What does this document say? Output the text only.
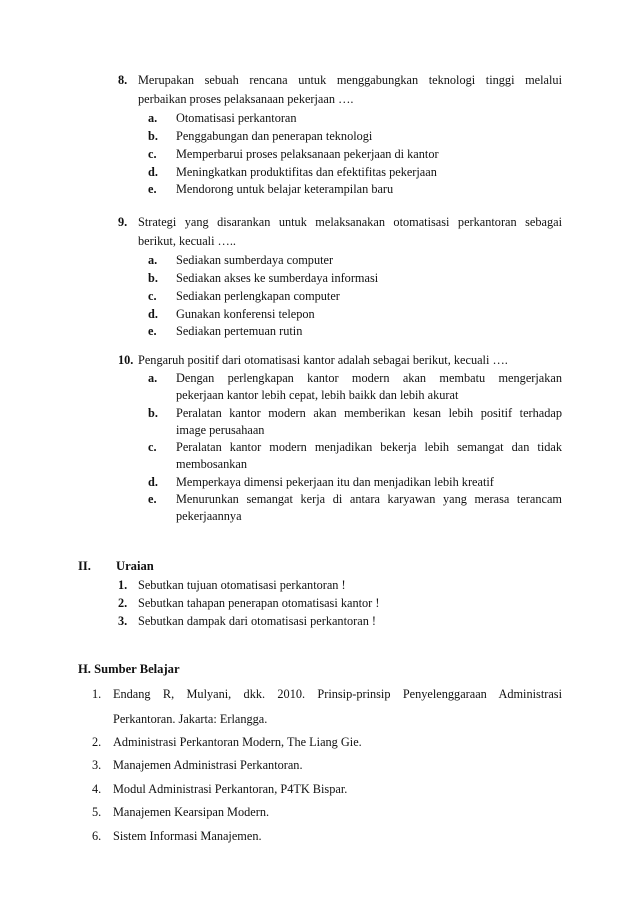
8. Merupakan sebuah rencana untuk menggabungkan teknologi tinggi melalui
perbaikan proses pelaksanaan pekerjaan ….
a. Otomatisasi perkantoran
b. Penggabungan dan penerapan teknologi
c. Memperbarui proses pelaksanaan pekerjaan di kantor
d. Meningkatkan produktifitas dan efektifitas pekerjaan
e. Mendorong untuk belajar keterampilan baru
9. Strategi yang disarankan untuk melaksanakan otomatisasi perkantoran sebagai
berikut, kecuali …..
a. Sediakan sumberdaya computer
b. Sediakan akses ke sumberdaya informasi
c. Sediakan perlengkapan computer
d. Gunakan konferensi telepon
e. Sediakan pertemuan rutin
10. Pengaruh positif dari otomatisasi kantor adalah sebagai berikut, kecuali ….
a. Dengan perlengkapan kantor modern akan membatu mengerjakan
pekerjaan kantor lebih cepat, lebih baikk dan lebih akurat
b. Peralatan kantor modern akan memberikan kesan lebih positif terhadap
image perusahaan
c. Peralatan kantor modern menjadikan bekerja lebih semangat dan tidak
membosankan
d. Memperkaya dimensi pekerjaan itu dan menjadikan lebih kreatif
e. Menurunkan semangat kerja di antara karyawan yang merasa terancam
pekerjaannya
II. Uraian
1. Sebutkan tujuan otomatisasi perkantoran !
2. Sebutkan tahapan penerapan otomatisasi kantor !
3. Sebutkan dampak dari otomatisasi perkantoran !
H. Sumber Belajar
1. Endang R, Mulyani, dkk. 2010. Prinsip-prinsip Penyelenggaraan Administrasi
Perkantoran. Jakarta: Erlangga.
2. Administrasi Perkantoran Modern, The Liang Gie.
3. Manajemen Administrasi Perkantoran.
4. Modul Administrasi Perkantoran, P4TK Bispar.
5. Manajemen Kearsipan Modern.
6. Sistem Informasi Manajemen.
